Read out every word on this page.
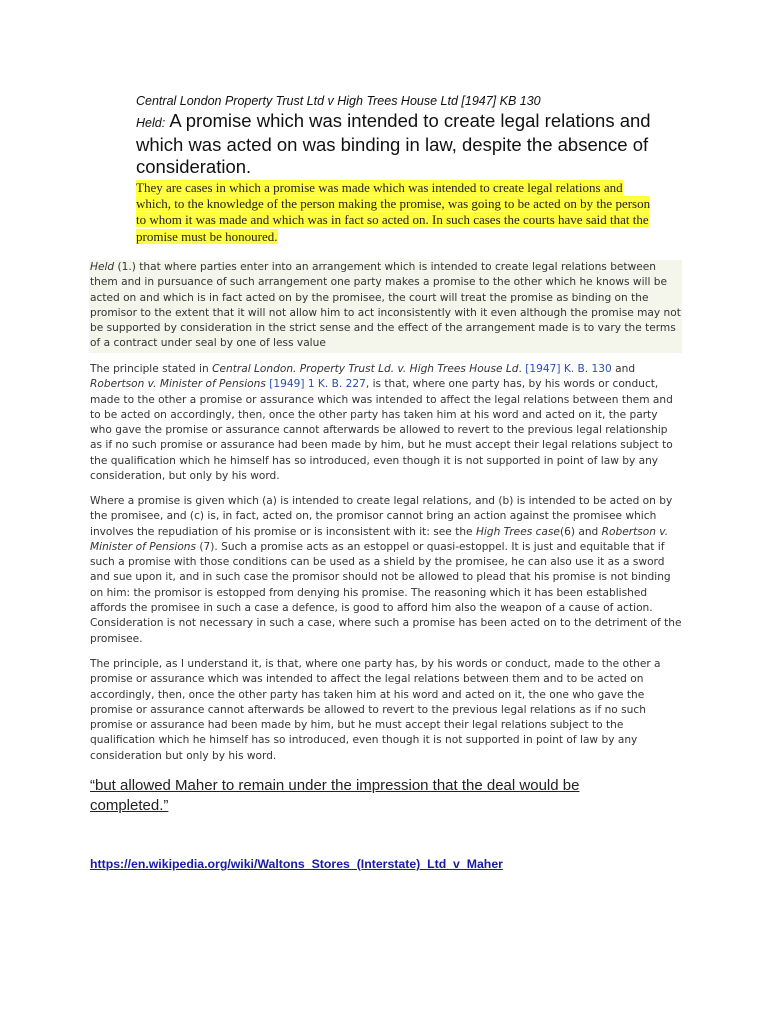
Central London Property Trust Ltd v High Trees House Ltd [1947] KB 130
Held: A promise which was intended to create legal relations and which was acted on was binding in law, despite the absence of consideration.
They are cases in which a promise was made which was intended to create legal relations and which, to the knowledge of the person making the promise, was going to be acted on by the person to whom it was made and which was in fact so acted on. In such cases the courts have said that the promise must be honoured.
Held (1.) that where parties enter into an arrangement which is intended to create legal relations between them and in pursuance of such arrangement one party makes a promise to the other which he knows will be acted on and which is in fact acted on by the promisee, the court will treat the promise as binding on the promisor to the extent that it will not allow him to act inconsistently with it even although the promise may not be supported by consideration in the strict sense and the effect of the arrangement made is to vary the terms of a contract under seal by one of less value
The principle stated in Central London. Property Trust Ld. v. High Trees House Ld. [1947] K. B. 130 and Robertson v. Minister of Pensions [1949] 1 K. B. 227, is that, where one party has, by his words or conduct, made to the other a promise or assurance which was intended to affect the legal relations between them and to be acted on accordingly, then, once the other party has taken him at his word and acted on it, the party who gave the promise or assurance cannot afterwards be allowed to revert to the previous legal relationship as if no such promise or assurance had been made by him, but he must accept their legal relations subject to the qualification which he himself has so introduced, even though it is not supported in point of law by any consideration, but only by his word.
Where a promise is given which (a) is intended to create legal relations, and (b) is intended to be acted on by the promisee, and (c) is, in fact, acted on, the promisor cannot bring an action against the promisee which involves the repudiation of his promise or is inconsistent with it: see the High Trees case(6) and Robertson v. Minister of Pensions (7). Such a promise acts as an estoppel or quasi-estoppel. It is just and equitable that if such a promise with those conditions can be used as a shield by the promisee, he can also use it as a sword and sue upon it, and in such case the promisor should not be allowed to plead that his promise is not binding on him: the promisor is estopped from denying his promise. The reasoning which it has been established affords the promisee in such a case a defence, is good to afford him also the weapon of a cause of action. Consideration is not necessary in such a case, where such a promise has been acted on to the detriment of the promisee.
The principle, as I understand it, is that, where one party has, by his words or conduct, made to the other a promise or assurance which was intended to affect the legal relations between them and to be acted on accordingly, then, once the other party has taken him at his word and acted on it, the one who gave the promise or assurance cannot afterwards be allowed to revert to the previous legal relations as if no such promise or assurance had been made by him, but he must accept their legal relations subject to the qualification which he himself has so introduced, even though it is not supported in point of law by any consideration but only by his word.
“but allowed Maher to remain under the impression that the deal would be completed.”
https://en.wikipedia.org/wiki/Waltons_Stores_(Interstate)_Ltd_v_Maher
